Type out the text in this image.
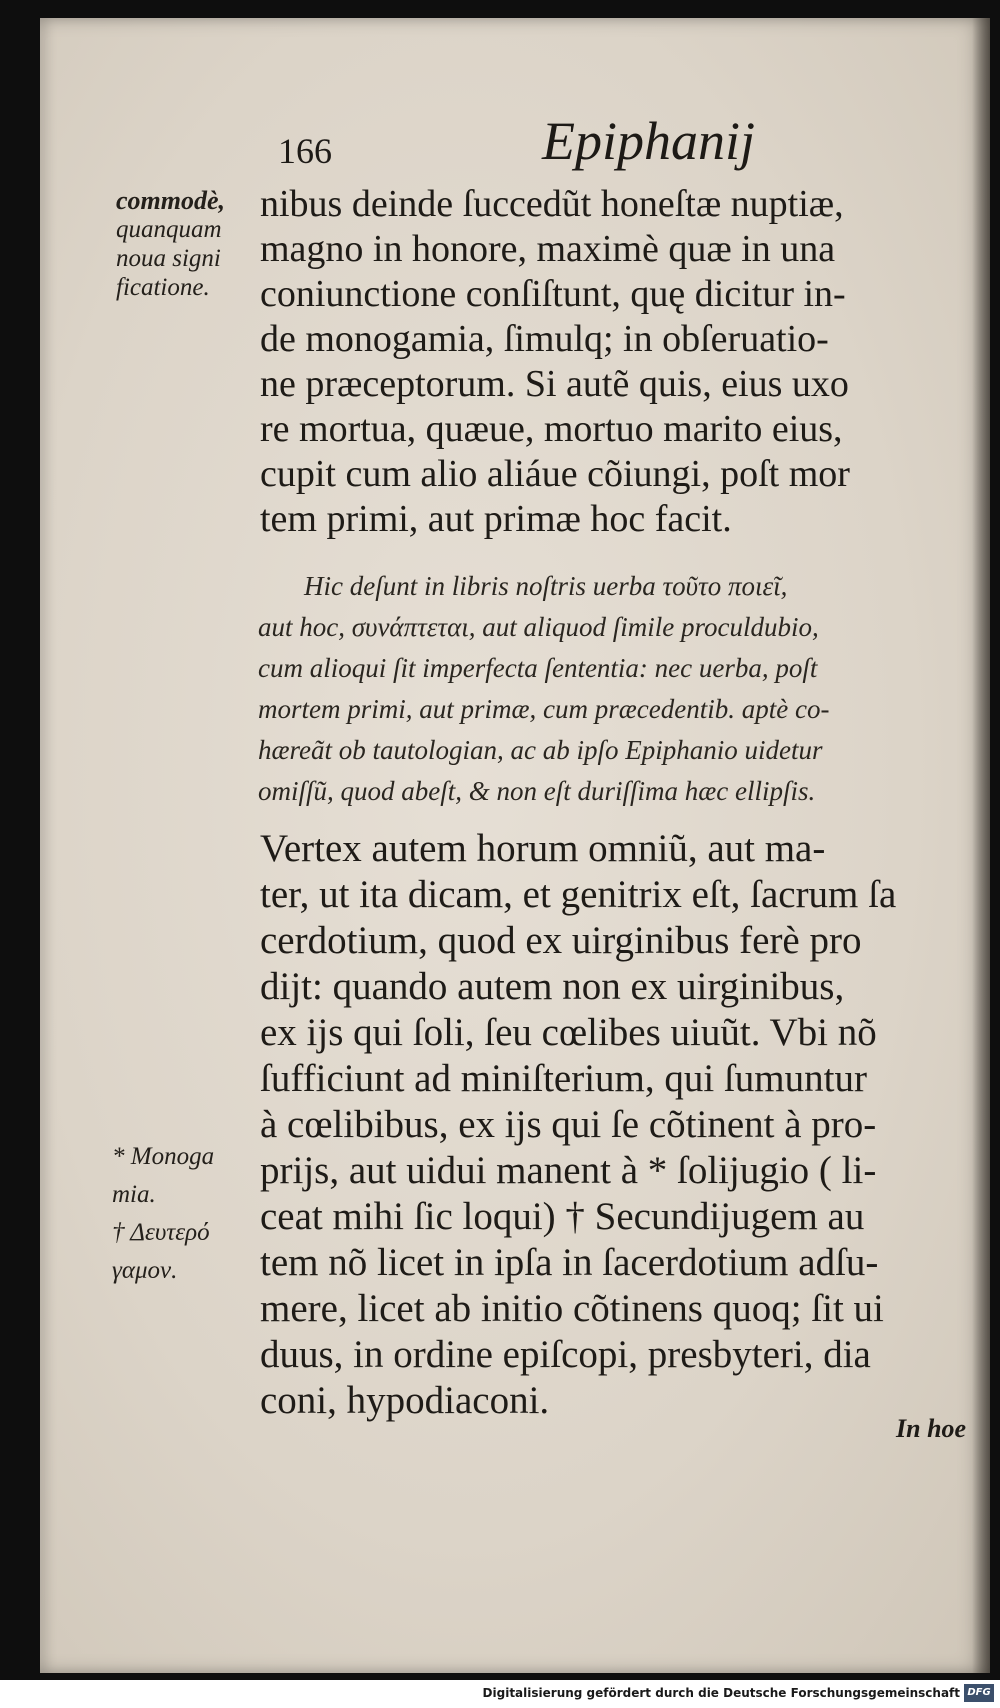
166	Epiphanij
commodè,
quanquam
noua signi
ficatione.
nibus deinde ſuccedũt honeſtæ nuptiæ,
magno in honore, maximè quæ in una
coniunctione conſiſtunt, quę dicitur in-
de monogamia, ſimulq; in obſeruatio-
ne præceptorum. Si autẽ quis, eius uxo
re mortua, quæue, mortuo marito eius,
cupit cum alio aliáue cõiungi, poſt mor
tem primi, aut primæ hoc facit.
Hic deſunt in libris noſtris uerba τοῦτο ποιεῖ,
aut hoc, συνάπτεται, aut aliquod ſimile proculdubio,
cum alioqui ſit imperfecta ſententia: nec uerba, poſt
mortem primi, aut primæ, cum præcedentib. aptè co-
hæreãt ob tautologian, ac ab ipſo Epiphanio uidetur
omiſſũ, quod abeſt, & non eſt duriſſima hæc ellipſis.
Vertex autem horum omniũ, aut ma-
ter, ut ita dicam, et genitrix eſt, ſacrum ſa
cerdotium, quod ex uirginibus ferè pro
dijt: quando autem non ex uirginibus,
ex ijs qui ſoli, ſeu cœlibes uiuũt. Vbi nõ
ſufficiunt ad miniſterium, qui ſumuntur
à cœlibibus, ex ijs qui ſe cõtinent à pro-
prijs, aut uidui manent à * ſolijugio ( li-
ceat mihi ſic loqui) † Secundijugem au
tem nõ licet in ipſa in ſacerdotium adſu-
mere, licet ab initio cõtinens quoq; ſit ui
duus, in ordine epiſcopi, presbyteri, dia
coni, hypodiaconi.
* Monoga
mia.
† Δευτερό
γαμον.
In hoe
Digitalisierung gefördert durch die Deutsche Forschungsgemeinschaft DFG
